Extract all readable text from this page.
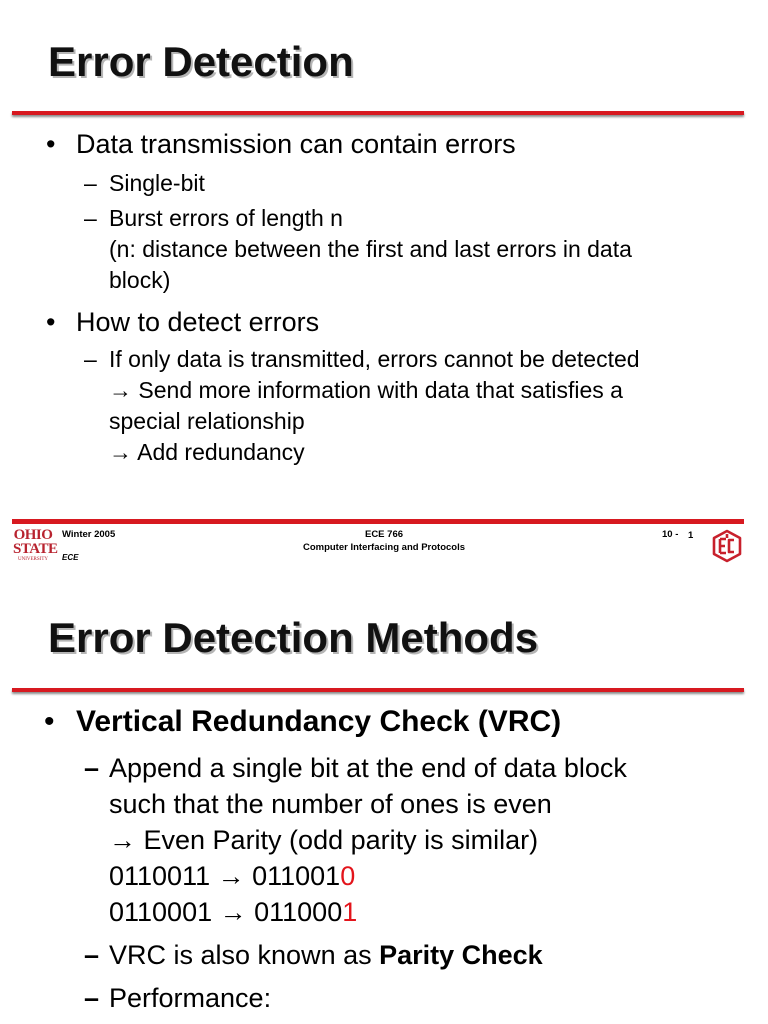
Error Detection
• Data transmission can contain errors
– Single-bit
– Burst errors of length n
(n: distance between the first and last errors in data
block)
• How to detect errors
– If only data is transmitted, errors cannot be detected
→ Send more information with data that satisfies a
special relationship
→ Add redundancy
OHIO
STATE
UNIVERSITY
Winter 2005
ECE
ECE 766
Computer Interfacing and Protocols
10 - 1
Error Detection Methods
• Vertical Redundancy Check (VRC)
– Append a single bit at the end of data block
such that the number of ones is even
→ Even Parity (odd parity is similar)
0110011 → 0110010
0110001 → 0110001
– VRC is also known as Parity Check
– Performance:
